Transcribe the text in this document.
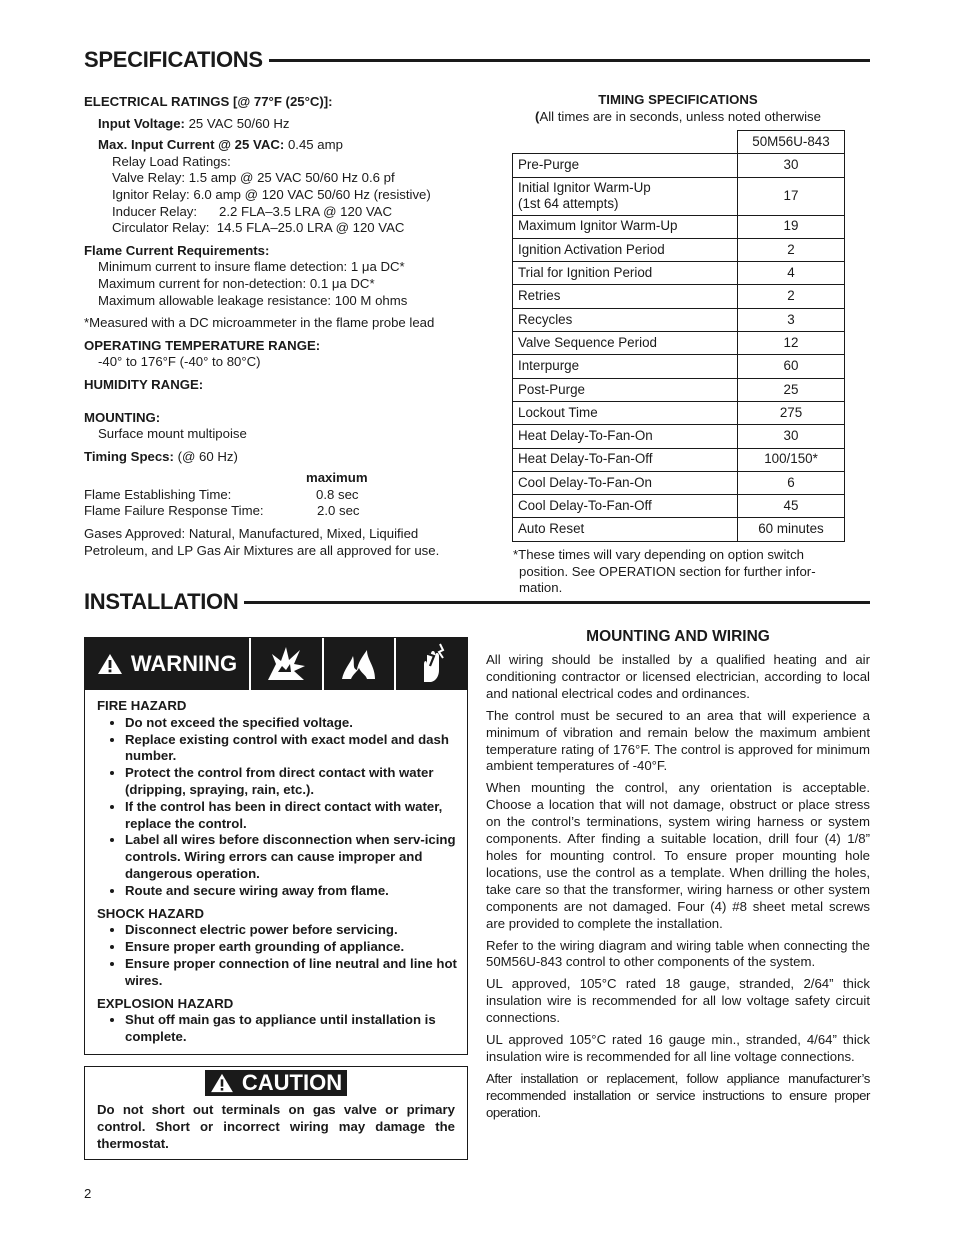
SPECIFICATIONS

ELECTRICAL RATINGS [@ 77°F (25°C)]:

Input Voltage: 25 VAC 50/60 Hz

Max. Input Current @ 25 VAC: 0.45 amp

Relay Load Ratings:

Valve Relay: 1.5 amp @ 25 VAC 50/60 Hz 0.6 pf

Ignitor Relay: 6.0 amp @ 120 VAC 50/60 Hz (resistive)

Inducer Relay:      2.2 FLA–3.5 LRA @ 120 VAC

Circulator Relay:  14.5 FLA–25.0 LRA @ 120 VAC

Flame Current Requirements:

Minimum current to insure flame detection: 1 μa DC*

Maximum current for non-detection: 0.1 μa DC*

Maximum allowable leakage resistance: 100 M ohms

*Measured with a DC microammeter in the flame probe lead

OPERATING TEMPERATURE RANGE:

-40° to 176°F (-40° to 80°C)

HUMIDITY RANGE:

MOUNTING:

Surface mount multipoise

Timing Specs: (@ 60 Hz)

maximum

Flame Establishing Time:	0.8 sec
Flame Failure Response Time:	2.0 sec

Gases Approved: Natural, Manufactured, Mixed, Liquified Petroleum, and LP Gas Air Mixtures are all approved for use.

TIMING SPECIFICATIONS
(All times are in seconds, unless noted otherwise
	50M56U-843
Pre-Purge	30

Initial Ignitor Warm-Up
(1st 64 attempts)	17
Maximum Ignitor Warm-Up	19
Ignition Activation Period	2
Trial for Ignition Period	4
Retries	2
Recycles	3
Valve Sequence Period	12
Interpurge	60
Post-Purge	25
Lockout Time	275
Heat Delay-To-Fan-On	30
Heat Delay-To-Fan-Off	100/150*
Cool Delay-To-Fan-On	6
Cool Delay-To-Fan-Off	45
Auto Reset	60 minutes

*These times will vary depending on option switch

position. See OPERATION section for further infor-

mation.

INSTALLATION
WARNING

FIRE HAZARD

• Do not exceed the specified voltage.
• Replace existing control with exact model and dash number.
• Protect the control from direct contact with water (dripping, spraying, rain, etc.).
• If the control has been in direct contact with water, replace the control.
• Label all wires before disconnection when serv-icing controls. Wiring errors can cause improper and dangerous operation.
• Route and secure wiring away from flame.

SHOCK HAZARD

• Disconnect electric power before servicing.
• Ensure proper earth grounding of appliance.
• Ensure proper connection of line neutral and line hot wires.

EXPLOSION HAZARD

• Shut off main gas to appliance until installation is complete.
CAUTION

Do not short out terminals on gas valve or primary control. Short or incorrect wiring may damage the thermostat.

MOUNTING AND WIRING

All wiring should be installed by a qualified heating and air conditioning contractor or licensed electrician, according to local and national electrical codes and ordinances.

The control must be secured to an area that will experience a minimum of vibration and remain below the maximum ambient temperature rating of 176°F. The control is approved for minimum ambient temperatures of -40°F.

When mounting the control, any orientation is acceptable. Choose a location that will not damage, obstruct or place stress on the control’s terminations, system wiring harness or system components. After finding a suitable location, drill four (4) 1/8” holes for mounting control. To ensure proper mounting hole locations, use the control as a template. When drilling the holes, take care so that the transformer, wiring harness or other system components are not damaged. Four (4) #8 sheet metal screws are provided to complete the installation.

Refer to the wiring diagram and wiring table when connecting the 50M56U-843 control to other components of the system.

UL approved, 105°C rated 18 gauge, stranded, 2/64” thick insulation wire is recommended for all low voltage safety circuit connections.

UL approved 105°C rated 16 gauge min., stranded, 4/64” thick insulation wire is recommended for all line voltage connections.

After installation or replacement, follow appliance manufacturer’s recommended installation or service instructions to ensure proper operation.

2
